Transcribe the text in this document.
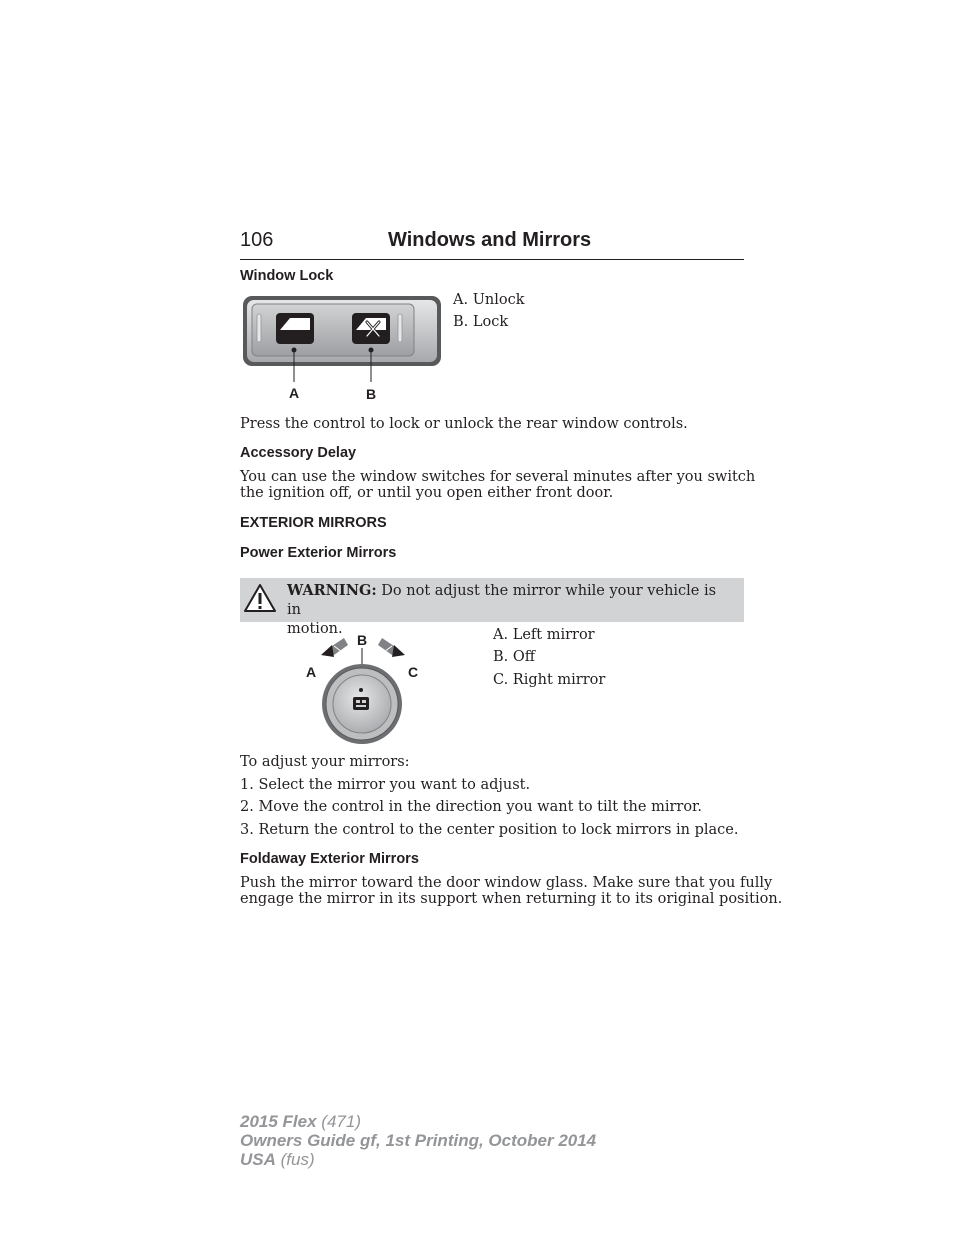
106	Windows and Mirrors
Window Lock
A	B
A. Unlock
B. Lock
Press the control to lock or unlock the rear window controls.
Accessory Delay
You can use the window switches for several minutes after you switch
the ignition off, or until you open either front door.
EXTERIOR MIRRORS
Power Exterior Mirrors
WARNING: Do not adjust the mirror while your vehicle is in
motion.
B
A	C
A. Left mirror
B. Off
C. Right mirror
To adjust your mirrors:
1. Select the mirror you want to adjust.
2. Move the control in the direction you want to tilt the mirror.
3. Return the control to the center position to lock mirrors in place.
Foldaway Exterior Mirrors
Push the mirror toward the door window glass. Make sure that you fully
engage the mirror in its support when returning it to its original position.
2015 Flex (471)
Owners Guide gf, 1st Printing, October 2014
USA (fus)
